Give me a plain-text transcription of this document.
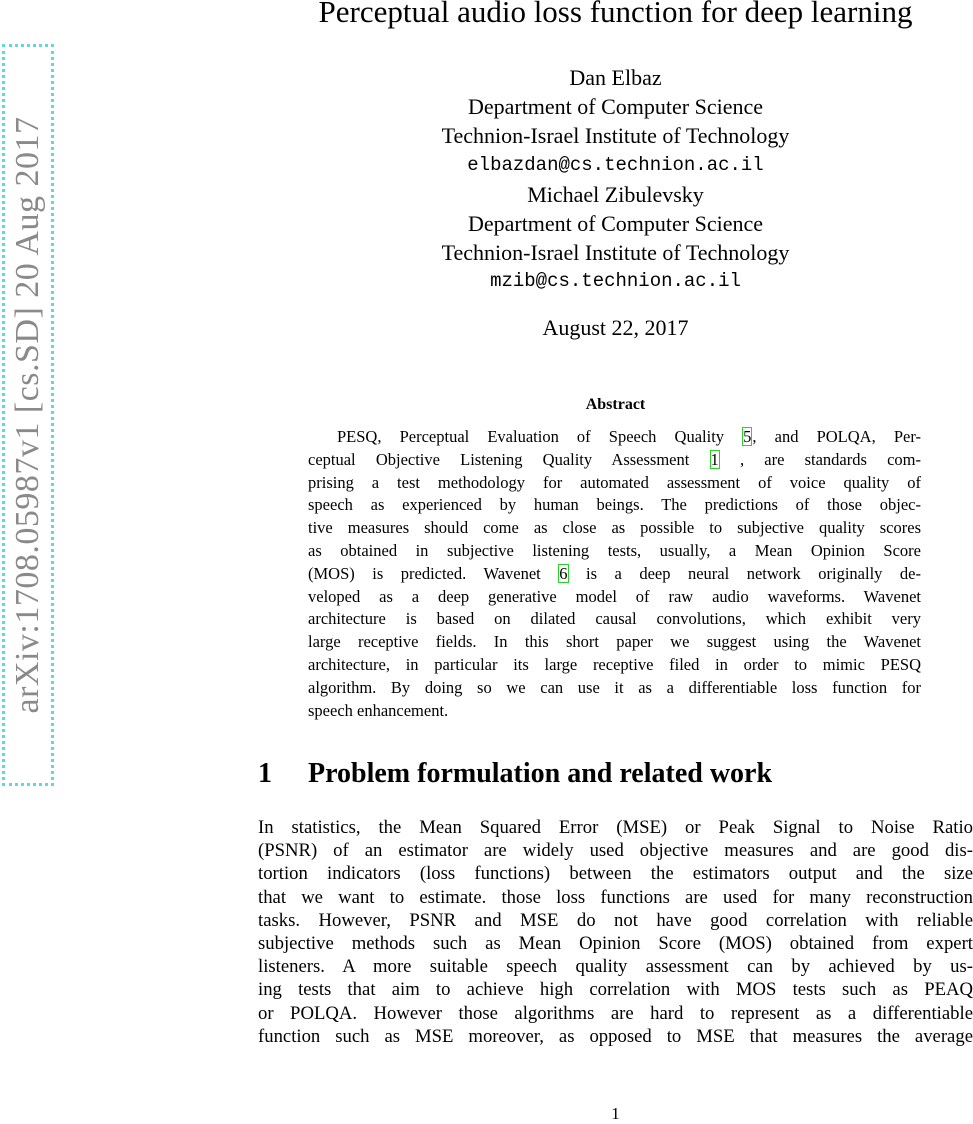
arXiv:1708.05987v1 [cs.SD] 20 Aug 2017
Perceptual audio loss function for deep learning
Dan Elbaz
Department of Computer Science
Technion-Israel Institute of Technology
elbazdan@cs.technion.ac.il
Michael Zibulevsky
Department of Computer Science
Technion-Israel Institute of Technology
mzib@cs.technion.ac.il
August 22, 2017
Abstract
PESQ, Perceptual Evaluation of Speech Quality 5, and POLQA, Per-
ceptual Objective Listening Quality Assessment 1 , are standards com-
prising a test methodology for automated assessment of voice quality of
speech as experienced by human beings. The predictions of those objec-
tive measures should come as close as possible to subjective quality scores
as obtained in subjective listening tests, usually, a Mean Opinion Score
(MOS) is predicted. Wavenet 6 is a deep neural network originally de-
veloped as a deep generative model of raw audio waveforms. Wavenet
architecture is based on dilated causal convolutions, which exhibit very
large receptive fields. In this short paper we suggest using the Wavenet
architecture, in particular its large receptive filed in order to mimic PESQ
algorithm. By doing so we can use it as a differentiable loss function for
speech enhancement.
1 Problem formulation and related work
In statistics, the Mean Squared Error (MSE) or Peak Signal to Noise Ratio
(PSNR) of an estimator are widely used objective measures and are good dis-
tortion indicators (loss functions) between the estimators output and the size
that we want to estimate. those loss functions are used for many reconstruction
tasks. However, PSNR and MSE do not have good correlation with reliable
subjective methods such as Mean Opinion Score (MOS) obtained from expert
listeners. A more suitable speech quality assessment can by achieved by us-
ing tests that aim to achieve high correlation with MOS tests such as PEAQ
or POLQA. However those algorithms are hard to represent as a differentiable
function such as MSE moreover, as opposed to MSE that measures the average
1
